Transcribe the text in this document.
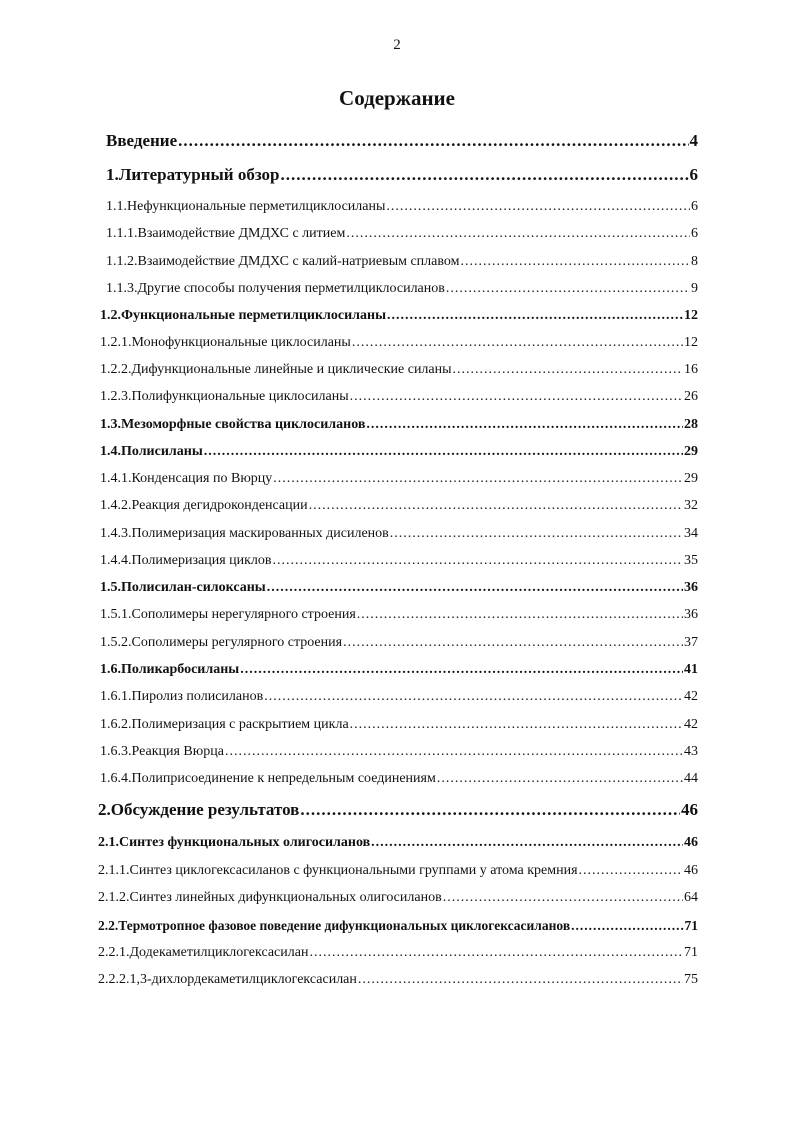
2
Содержание
Введение .....	4
1. Литературный обзор .....	6
1.1. Нефункциональные перметилциклосиланы .....	6
1.1.1. Взаимодействие ДМДХС с литием .....	6
1.1.2. Взаимодействие ДМДХС с калий-натриевым сплавом .....	8
1.1.3. Другие способы получения перметилциклосиланов .....	9
1.2. Функциональные перметилциклосиланы .....	12
1.2.1. Монофункциональные циклосиланы .....	12
1.2.2. Дифункциональные линейные и циклические силаны .....	16
1.2.3. Полифункциональные циклосиланы .....	26
1.3. Мезоморфные свойства циклосиланов .....	28
1.4. Полисиланы .....	29
1.4.1. Конденсация по Вюрцу .....	29
1.4.2. Реакция дегидроконденсации .....	32
1.4.3. Полимеризация маскированных дисиленов .....	34
1.4.4. Полимеризация циклов .....	35
1.5. Полисилан-силоксаны .....	36
1.5.1. Сополимеры нерегулярного строения .....	36
1.5.2. Сополимеры регулярного строения .....	37
1.6. Поликарбосиланы .....	41
1.6.1. Пиролиз полисиланов .....	42
1.6.2. Полимеризация с раскрытием цикла .....	42
1.6.3. Реакция Вюрца .....	43
1.6.4. Полиприсоединение к непредельным соединениям .....	44
2. Обсуждение результатов .....	46
2.1. Синтез функциональных олигосиланов .....	46
2.1.1. Синтез циклогексасиланов с функциональными группами у атома кремния .....	46
2.1.2. Синтез линейных дифункциональных олигосиланов .....	64
2.2. Термотропное фазовое поведение дифункциональных циклогексасиланов .....	71
2.2.1. Додекаметилциклогексасилан .....	71
2.2.2. 1,3-дихлордекаметилциклогексасилан .....	75
